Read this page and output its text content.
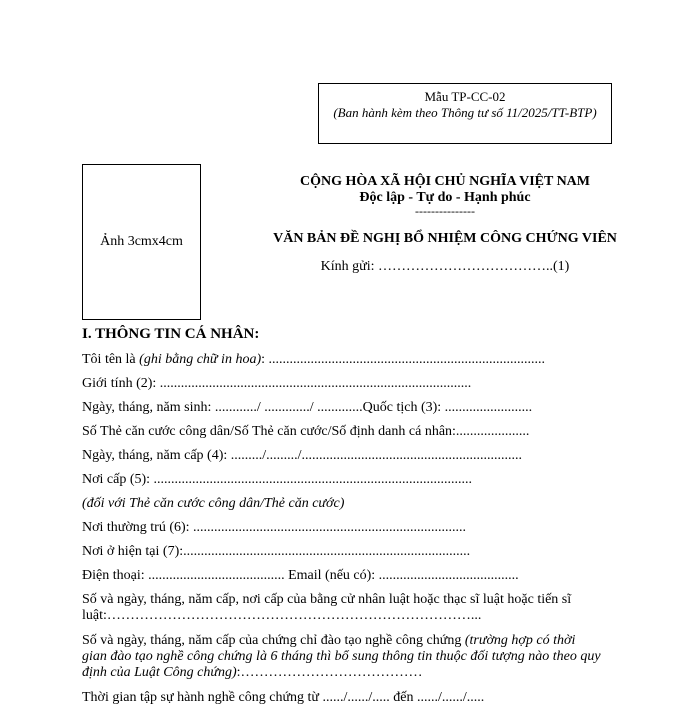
Mẫu TP-CC-02
(Ban hành kèm theo Thông tư số 11/2025/TT-BTP)
Ảnh 3cmx4cm
CỘNG HÒA XÃ HỘI CHỦ NGHĨA VIỆT NAM
Độc lập - Tự do - Hạnh phúc
---------------
VĂN BẢN ĐỀ NGHỊ BỔ NHIỆM CÔNG CHỨNG VIÊN
Kính gửi: ………………………………..(1)
I. THÔNG TIN CÁ NHÂN:
Tôi tên là (ghi bằng chữ in hoa): ...............................................................................
Giới tính (2): .........................................................................................
Ngày, tháng, năm sinh: ............/ ............./ .............Quốc tịch (3): .........................
Số Thẻ căn cước công dân/Số Thẻ căn cước/Số định danh cá nhân:.....................
Ngày, tháng, năm cấp (4): ........./........./...............................................................
Nơi cấp (5): ...........................................................................................
(đối với Thẻ căn cước công dân/Thẻ căn cước)
Nơi thường trú (6): ..............................................................................
Nơi ở hiện tại (7):..................................................................................
Điện thoại: ....................................... Email (nếu có): ........................................
Số và ngày, tháng, năm cấp, nơi cấp của bằng cử nhân luật hoặc thạc sĩ luật hoặc tiến sĩ luật:……………………………………………………………………...
Số và ngày, tháng, năm cấp của chứng chỉ đào tạo nghề công chứng (trường hợp có thời gian đào tạo nghề công chứng là 6 tháng thì bổ sung thông tin thuộc đối tượng nào theo quy định của Luật Công chứng):…………………………………
Thời gian tập sự hành nghề công chứng từ ....../....../..... đến ....../....../.....
